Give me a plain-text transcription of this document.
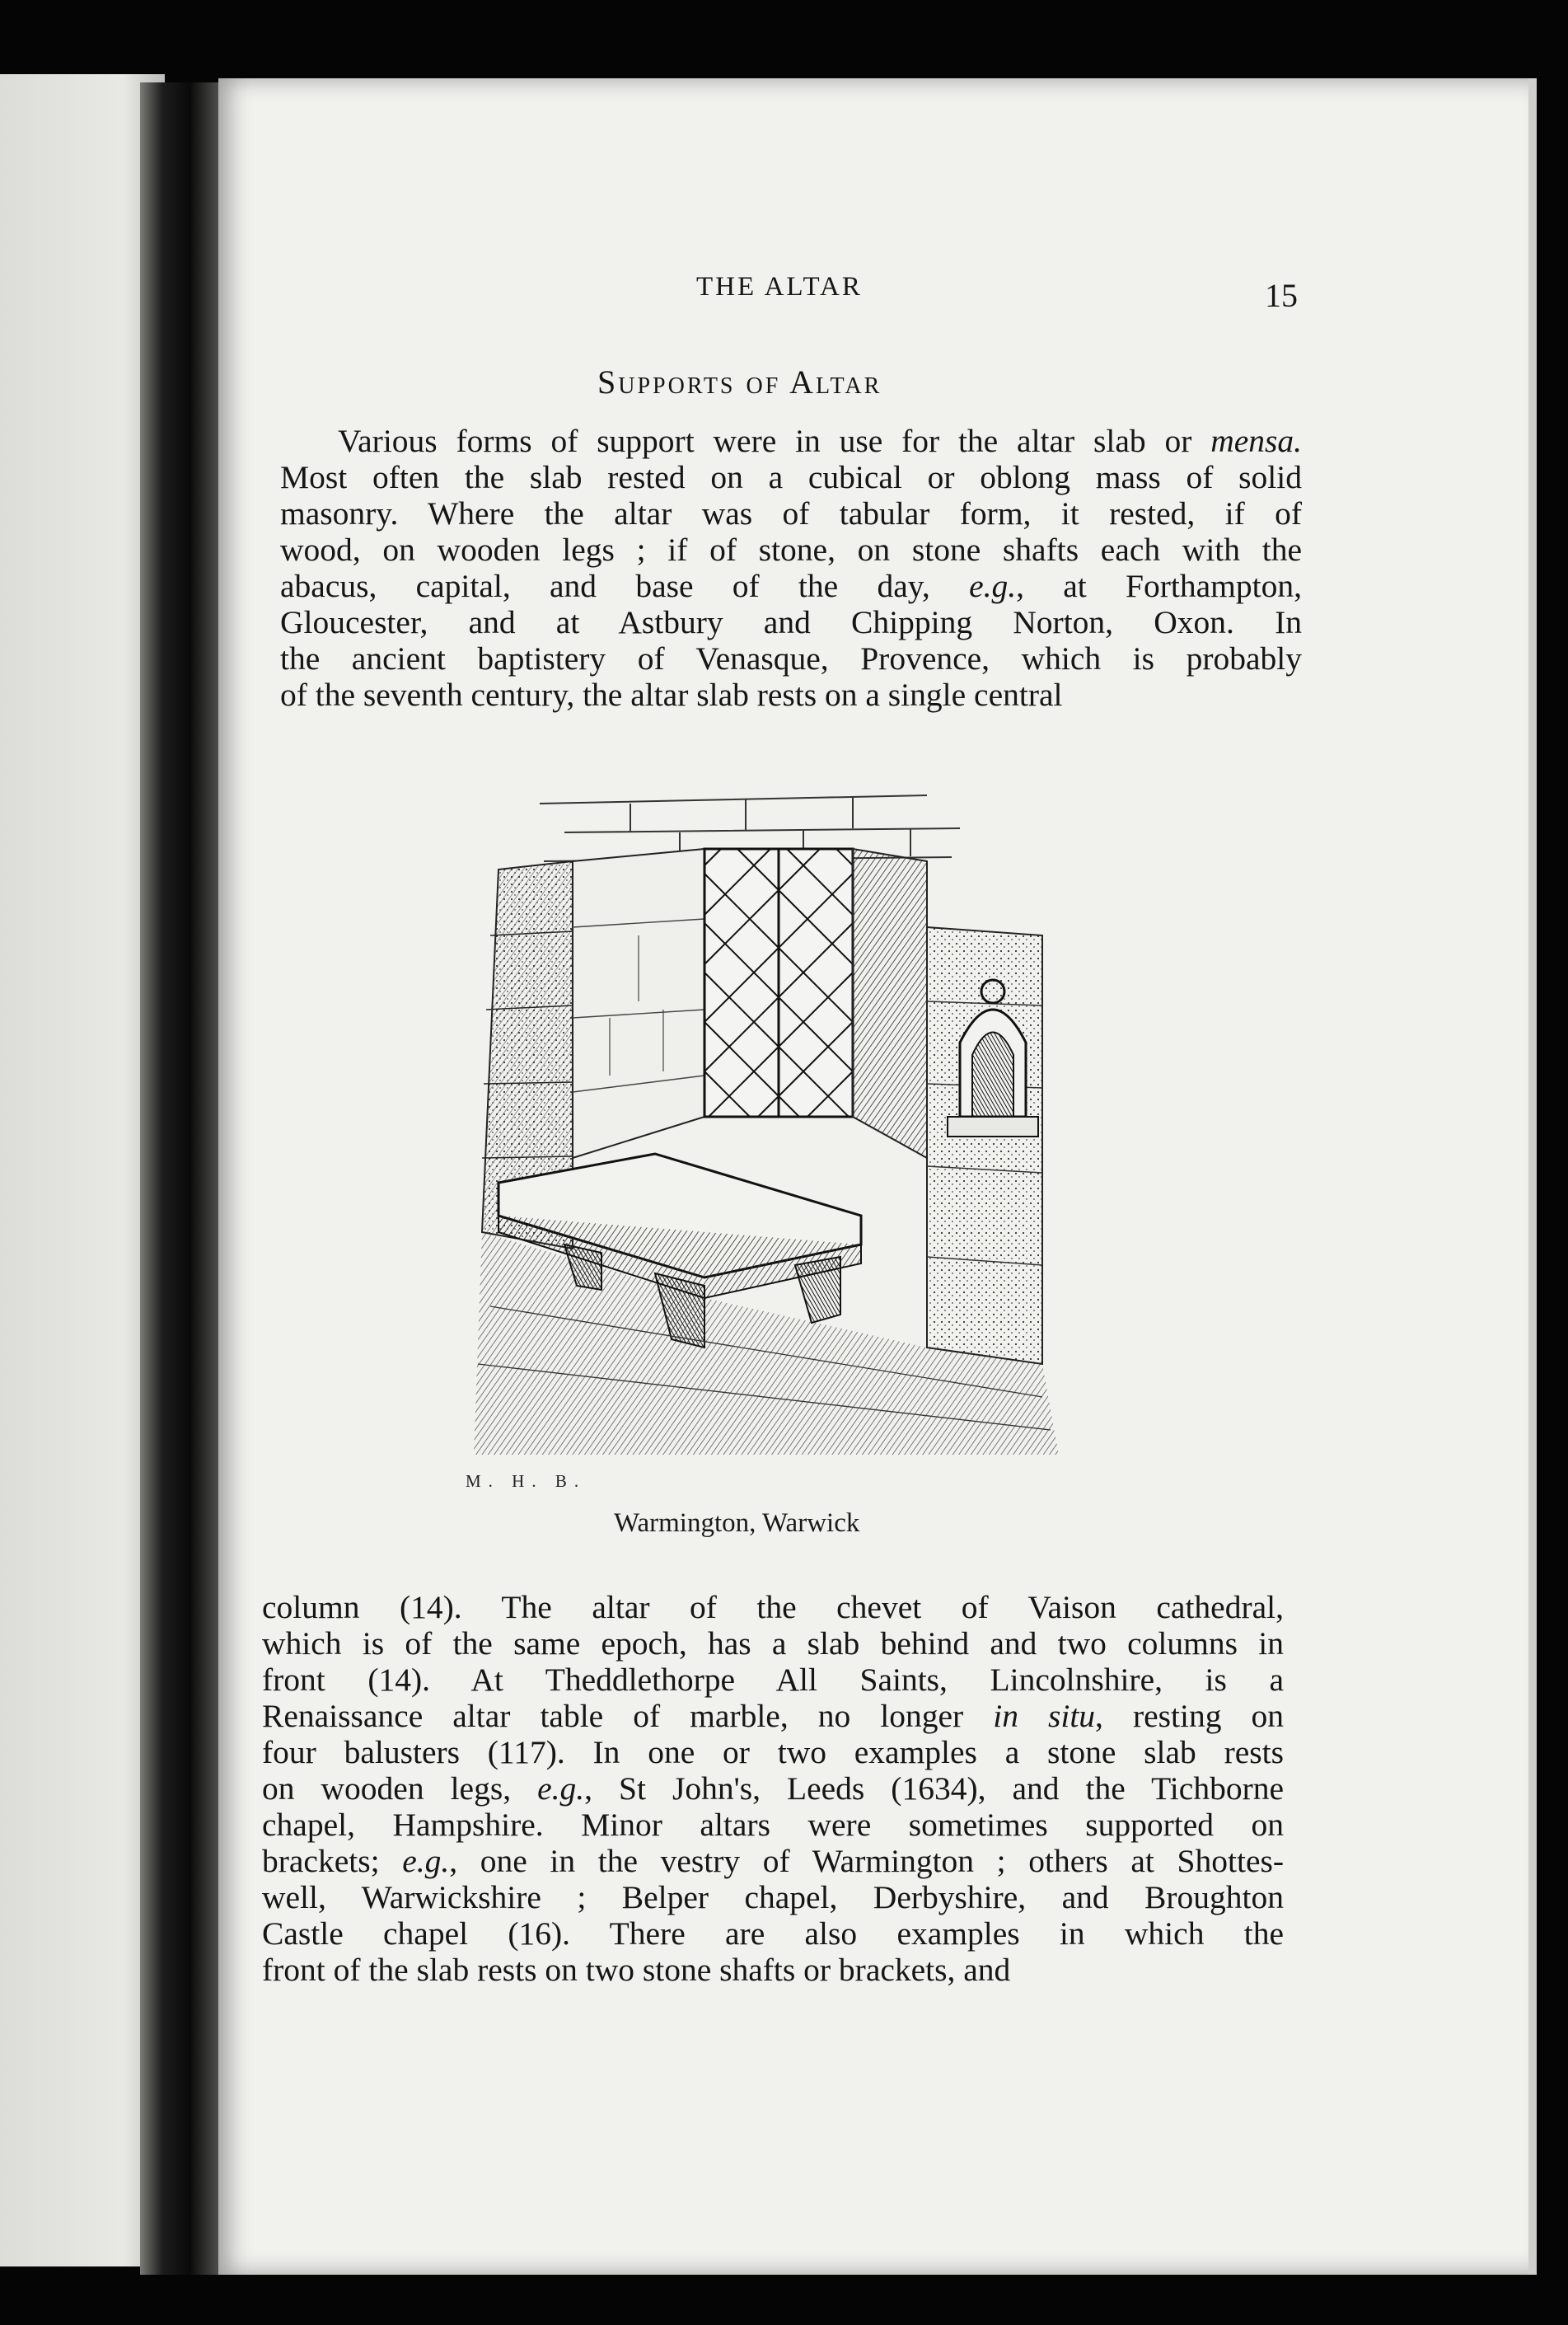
THE ALTAR	15
Supports of Altar
Various forms of support were in use for the altar slab or mensa.
Most often the slab rested on a cubical or oblong mass of solid
masonry. Where the altar was of tabular form, it rested, if of
wood, on wooden legs ; if of stone, on stone shafts each with the
abacus, capital, and base of the day, e.g., at Forthampton,
Gloucester, and at Astbury and Chipping Norton, Oxon. In
the ancient baptistery of Venasque, Provence, which is probably
of the seventh century, the altar slab rests on a single central
M. H. B.
Warmington, Warwick
column (14). The altar of the chevet of Vaison cathedral,
which is of the same epoch, has a slab behind and two columns in
front (14). At Theddlethorpe All Saints, Lincolnshire, is a
Renaissance altar table of marble, no longer in situ, resting on
four balusters (117). In one or two examples a stone slab rests
on wooden legs, e.g., St John's, Leeds (1634), and the Tichborne
chapel, Hampshire. Minor altars were sometimes supported on
brackets; e.g., one in the vestry of Warmington ; others at Shottes-
well, Warwickshire ; Belper chapel, Derbyshire, and Broughton
Castle chapel (16). There are also examples in which the
front of the slab rests on two stone shafts or brackets, and
